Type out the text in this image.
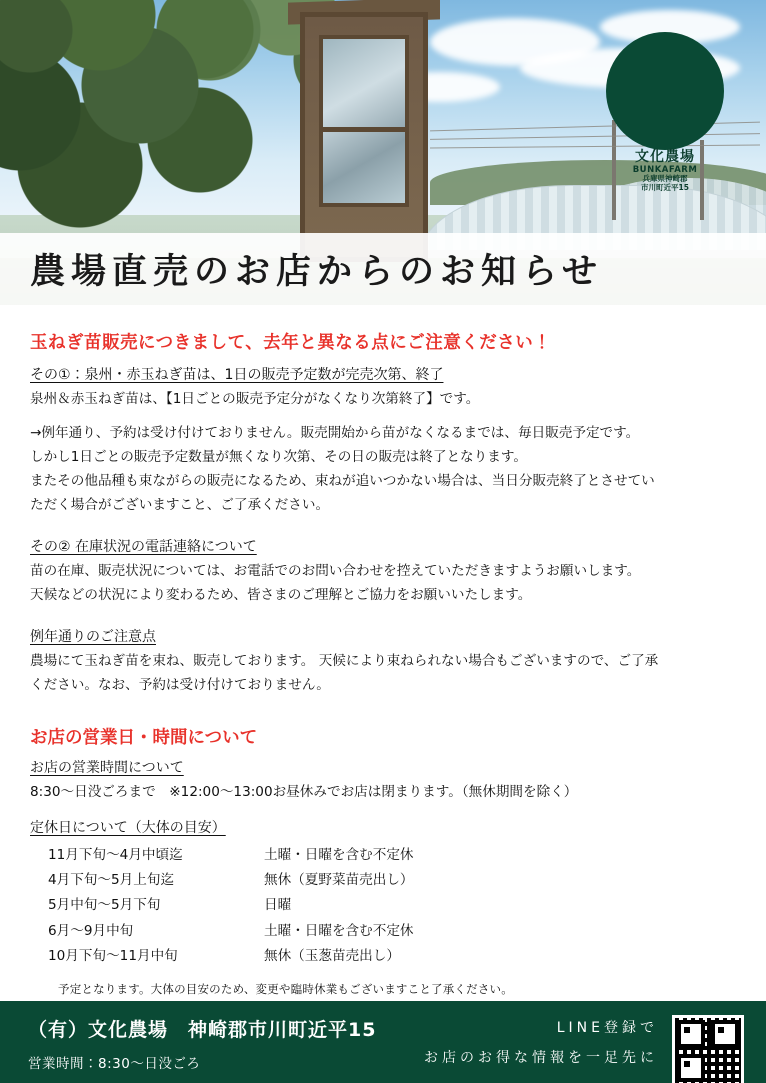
文化農場
BUNKAFARM
兵庫県神崎郡
市川町近平15
農場直売のお店からのお知らせ
玉ねぎ苗販売につきまして、去年と異なる点にご注意ください！
その①：泉州・赤玉ねぎ苗は、1日の販売予定数が完売次第、終了
泉州＆赤玉ねぎ苗は、【1日ごとの販売予定分がなくなり次第終了】です。
→例年通り、予約は受け付けておりません。販売開始から苗がなくなるまでは、毎日販売予定です。
しかし1日ごとの販売予定数量が無くなり次第、その日の販売は終了となります。
またその他品種も束ながらの販売になるため、束ねが追いつかない場合は、当日分販売終了とさせてい
ただく場合がございますこと、ご了承ください。
その② 在庫状況の電話連絡について
苗の在庫、販売状況については、お電話でのお問い合わせを控えていただきますようお願いします。
天候などの状況により変わるため、皆さまのご理解とご協力をお願いいたします。
例年通りのご注意点
農場にて玉ねぎ苗を束ね、販売しております。 天候により束ねられない場合もございますので、ご了承
ください。なお、予約は受け付けておりません。
お店の営業日・時間について
お店の営業時間について
8:30〜日没ごろまで　※12:00〜13:00お昼休みでお店は閉まります。（無休期間を除く）
定休日について（大体の目安）
11月下旬〜4月中頃迄	土曜・日曜を含む不定休
4月下旬〜5月上旬迄	無休（夏野菜苗売出し）
5月中旬〜5月下旬	日曜
6月〜9月中旬	土曜・日曜を含む不定休
10月下旬〜11月中旬	無休（玉葱苗売出し）
予定となります。大体の目安のため、変更や臨時休業もございますこと了承ください。
（有）文化農場　神崎郡市川町近平15
営業時間：8:30〜日没ごろ
LINE登録で
お店のお得な情報を一足先に
